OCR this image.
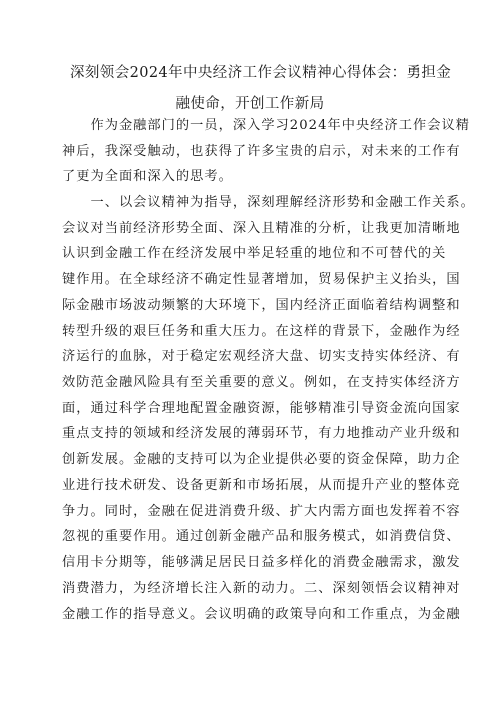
深刻领会2024年中央经济工作会议精神心得体会：勇担金
融使命，开创工作新局
　　作为金融部门的一员，深入学习2024年中央经济工作会议精
神后，我深受触动，也获得了许多宝贵的启示，对未来的工作有
了更为全面和深入的思考。
　　一、以会议精神为指导，深刻理解经济形势和金融工作关系。
会议对当前经济形势全面、深入且精准的分析，让我更加清晰地
认识到金融工作在经济发展中举足轻重的地位和不可替代的关
键作用。在全球经济不确定性显著增加，贸易保护主义抬头，国
际金融市场波动频繁的大环境下，国内经济正面临着结构调整和
转型升级的艰巨任务和重大压力。在这样的背景下，金融作为经
济运行的血脉，对于稳定宏观经济大盘、切实支持实体经济、有
效防范金融风险具有至关重要的意义。例如，在支持实体经济方
面，通过科学合理地配置金融资源，能够精准引导资金流向国家
重点支持的领域和经济发展的薄弱环节，有力地推动产业升级和
创新发展。金融的支持可以为企业提供必要的资金保障，助力企
业进行技术研发、设备更新和市场拓展，从而提升产业的整体竞
争力。同时，金融在促进消费升级、扩大内需方面也发挥着不容
忽视的重要作用。通过创新金融产品和服务模式，如消费信贷、
信用卡分期等，能够满足居民日益多样化的消费金融需求，激发
消费潜力，为经济增长注入新的动力。二、深刻领悟会议精神对
金融工作的指导意义。会议明确的政策导向和工作重点，为金融
